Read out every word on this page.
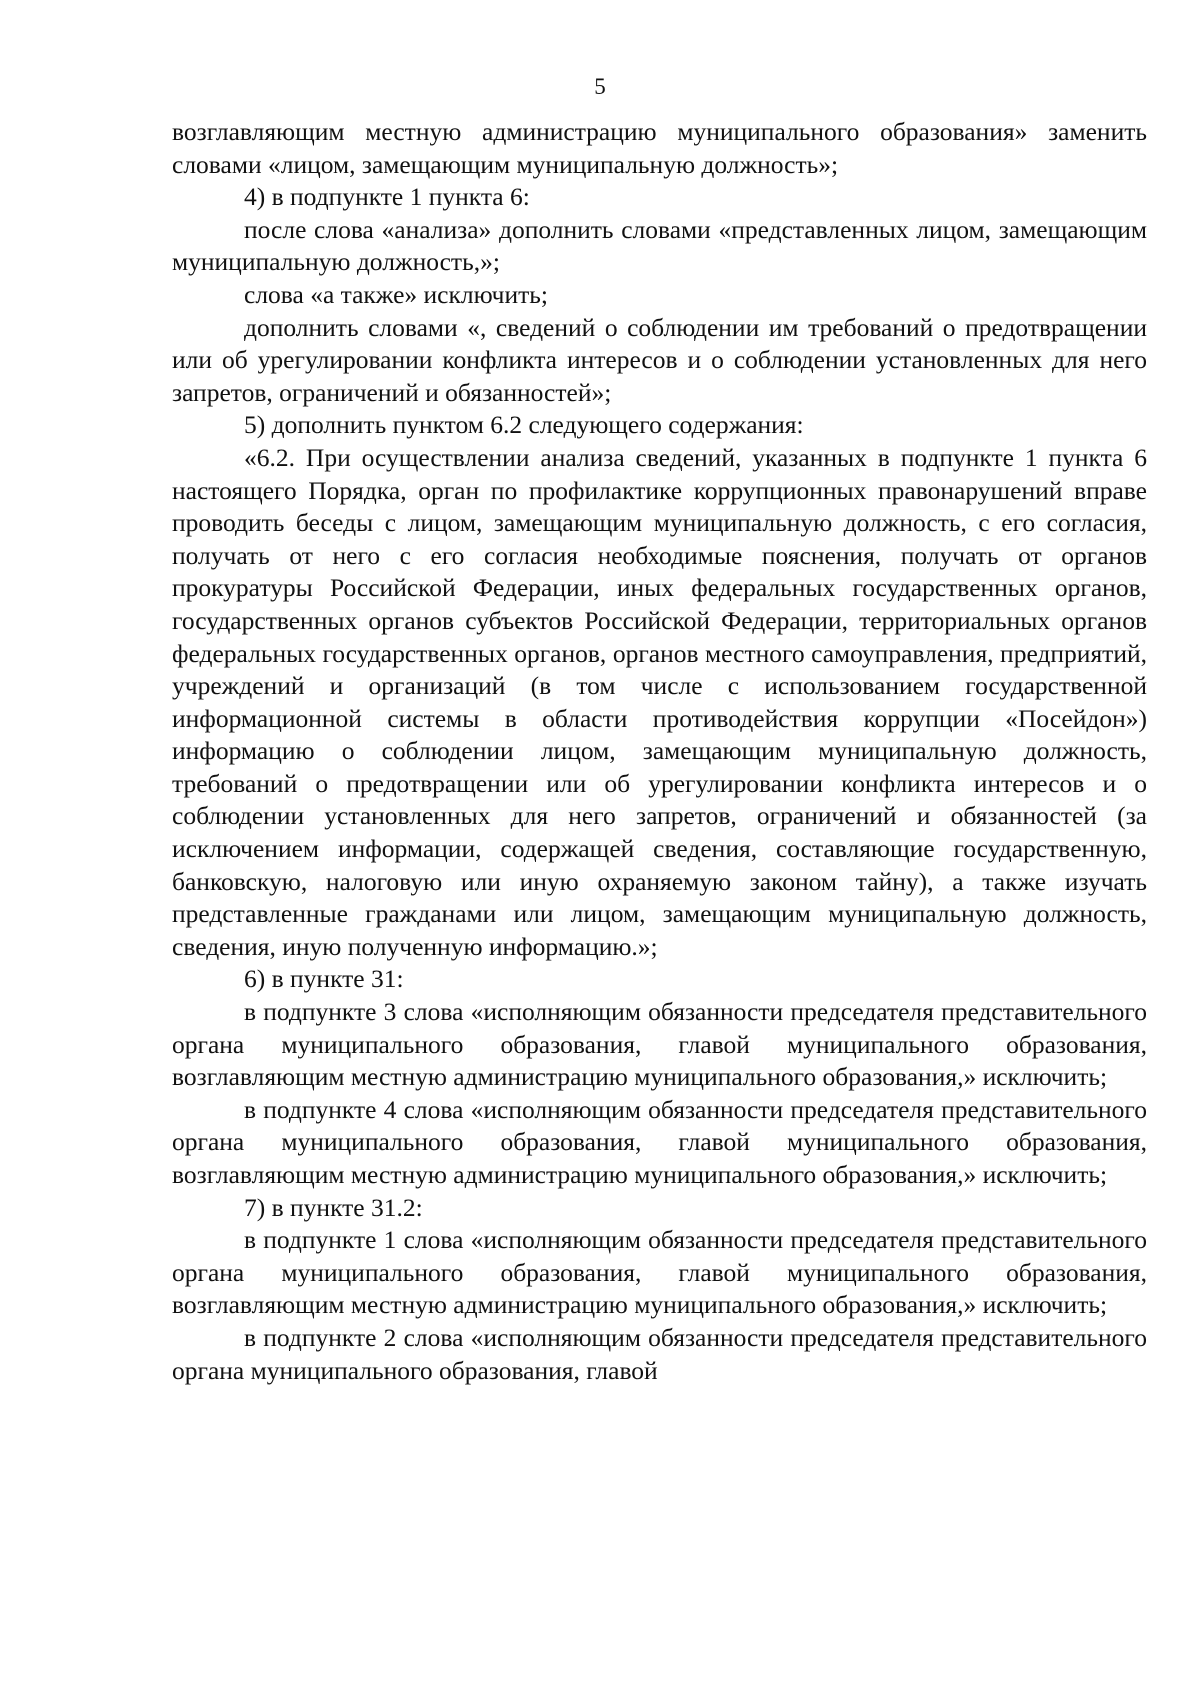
5

возглавляющим местную администрацию муниципального образования» заменить словами «лицом, замещающим муниципальную должность»;

4) в подпункте 1 пункта 6:

после слова «анализа» дополнить словами «представленных лицом, замещающим муниципальную должность,»;

слова «а также» исключить;

дополнить словами «, сведений о соблюдении им требований о предотвращении или об урегулировании конфликта интересов и о соблюдении установленных для него запретов, ограничений и обязанностей»;

5) дополнить пунктом 6.2 следующего содержания:

«6.2. При осуществлении анализа сведений, указанных в подпункте 1 пункта 6 настоящего Порядка, орган по профилактике коррупционных правонарушений вправе проводить беседы с лицом, замещающим муниципальную должность, с его согласия, получать от него с его согласия необходимые пояснения, получать от органов прокуратуры Российской Федерации, иных федеральных государственных органов, государственных органов субъектов Российской Федерации, территориальных органов федеральных государственных органов, органов местного самоуправления, предприятий, учреждений и организаций (в том числе с использованием государственной информационной системы в области противодействия коррупции «Посейдон») информацию о соблюдении лицом, замещающим муниципальную должность, требований о предотвращении или об урегулировании конфликта интересов и о соблюдении установленных для него запретов, ограничений и обязанностей (за исключением информации, содержащей сведения, составляющие государственную, банковскую, налоговую или иную охраняемую законом тайну), а также изучать представленные гражданами или лицом, замещающим муниципальную должность, сведения, иную полученную информацию.»;

6) в пункте 31:

в подпункте 3 слова «исполняющим обязанности председателя представительного органа муниципального образования, главой муниципального образования, возглавляющим местную администрацию муниципального образования,» исключить;

в подпункте 4 слова «исполняющим обязанности председателя представительного органа муниципального образования, главой муниципального образования, возглавляющим местную администрацию муниципального образования,» исключить;

7) в пункте 31.2:

в подпункте 1 слова «исполняющим обязанности председателя представительного органа муниципального образования, главой муниципального образования, возглавляющим местную администрацию муниципального образования,» исключить;

в подпункте 2 слова «исполняющим обязанности председателя представительного органа муниципального образования, главой
